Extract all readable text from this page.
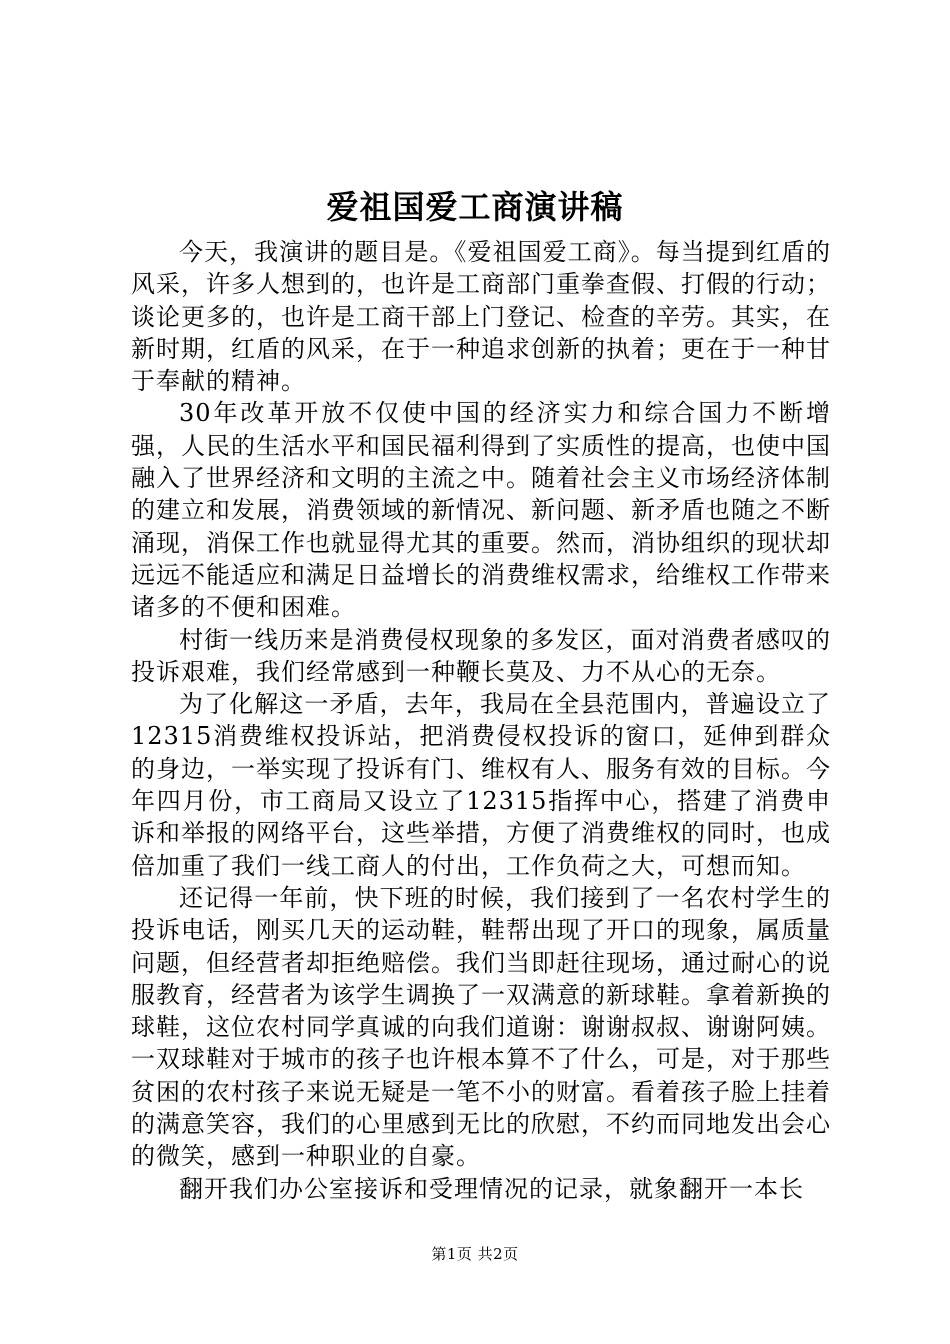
爱祖国爱工商演讲稿

今天，我演讲的题目是。《爱祖国爱工商》。每当提到红盾的风采，许多人想到的，也许是工商部门重拳查假、打假的行动；谈论更多的，也许是工商干部上门登记、检查的辛劳。其实，在新时期，红盾的风采，在于一种追求创新的执着；更在于一种甘于奉献的精神。

30年改革开放不仅使中国的经济实力和综合国力不断增强，人民的生活水平和国民福利得到了实质性的提高，也使中国融入了世界经济和文明的主流之中。随着社会主义市场经济体制的建立和发展，消费领域的新情况、新问题、新矛盾也随之不断涌现，消保工作也就显得尤其的重要。然而，消协组织的现状却远远不能适应和满足日益增长的消费维权需求，给维权工作带来诸多的不便和困难。

村街一线历来是消费侵权现象的多发区，面对消费者感叹的投诉艰难，我们经常感到一种鞭长莫及、力不从心的无奈。

为了化解这一矛盾，去年，我局在全县范围内，普遍设立了12315消费维权投诉站，把消费侵权投诉的窗口，延伸到群众的身边，一举实现了投诉有门、维权有人、服务有效的目标。今年四月份，市工商局又设立了12315指挥中心，搭建了消费申诉和举报的网络平台，这些举措，方便了消费维权的同时，也成倍加重了我们一线工商人的付出，工作负荷之大，可想而知。

还记得一年前，快下班的时候，我们接到了一名农村学生的投诉电话，刚买几天的运动鞋，鞋帮出现了开口的现象，属质量问题，但经营者却拒绝赔偿。我们当即赶往现场，通过耐心的说服教育，经营者为该学生调换了一双满意的新球鞋。拿着新换的球鞋，这位农村同学真诚的向我们道谢：谢谢叔叔、谢谢阿姨。一双球鞋对于城市的孩子也许根本算不了什么，可是，对于那些贫困的农村孩子来说无疑是一笔不小的财富。看着孩子脸上挂着的满意笑容，我们的心里感到无比的欣慰，不约而同地发出会心的微笑，感到一种职业的自豪。

翻开我们办公室接诉和受理情况的记录，就象翻开一本长

第1页 共2页
